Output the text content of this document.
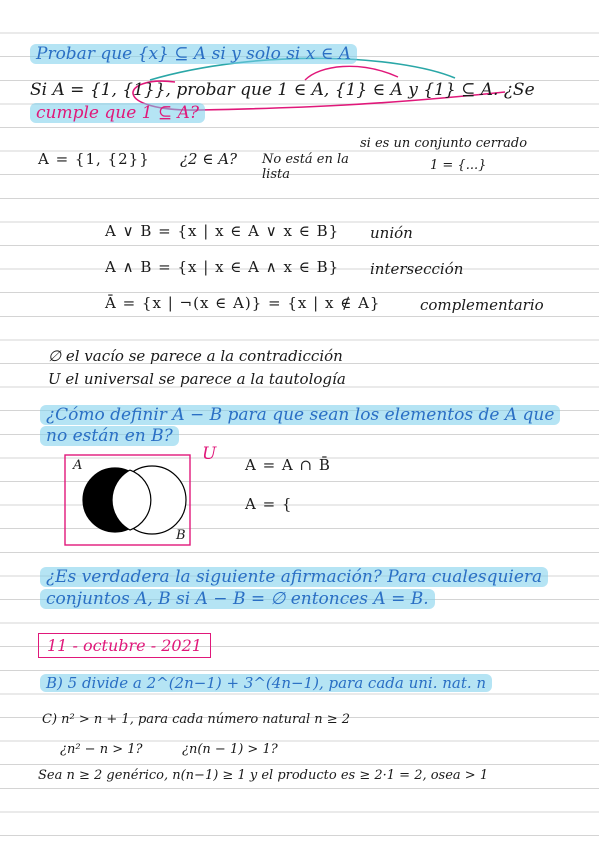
Probar que {x} ⊆ A si y solo si x ∈ A
Si A = {1, {1}}, probar que 1 ∈ A, {1} ∈ A y {1} ⊆ A. ¿Se
cumple que 1 ⊆ A?
A = {1, {2}} ¿2 ∈ A? No está en la lista
si es un conjunto cerrado
1 = {...}
A ∨ B = {x | x ∈ A ∨ x ∈ B} unión
A ∧ B = {x | x ∈ A ∧ x ∈ B} intersección
Ā = {x | ¬(x ∈ A)} = {x | x ∉ A}	complementario
∅ el vacío se parece a la contradicción
U el universal se parece a la tautología
¿Cómo definir A − B para que sean los elementos de A que
no están en B?
A
B
U
A = A ∩ B̄
A = {
¿Es verdadera la siguiente afirmación? Para cualesquiera
conjuntos A, B si A − B = ∅ entonces A = B.
11 - octubre - 2021
B) 5 divide a 2^(2n−1) + 3^(4n−1), para cada uni. nat. n
C) n² > n + 1, para cada número natural n ≥ 2
¿n² − n > 1?	¿n(n − 1) > 1?
Sea n ≥ 2 genérico, n(n−1) ≥ 1 y el producto es ≥ 2·1 = 2, osea > 1
